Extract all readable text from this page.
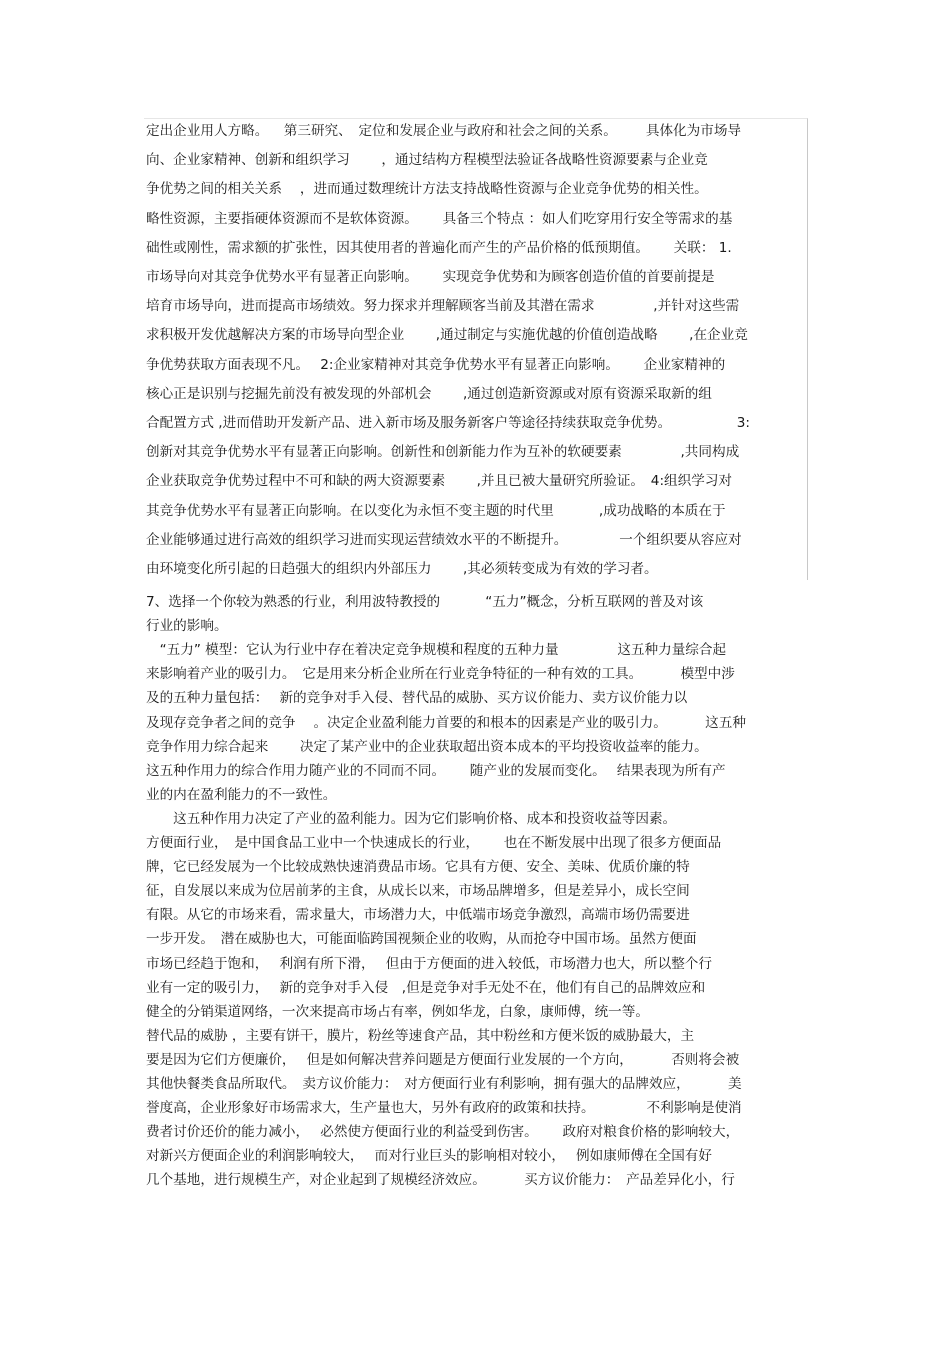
定出企业用人方略。　  第三研究、　定位和发展企业与政府和社会之间的关系。　　  具体化为市场导
向、企业家精神、创新和组织学习　　 ，通过结构方程模型法验证各战略性资源要素与企业竞
争优势之间的相关关系　 ，进而通过数理统计方法支持战略性资源与企业竞争优势的相关性。
略性资源，主要指硬体资源而不是软体资源。　　 具备三个特点 ：如人们吃穿用行安全等需求的基
础性或刚性，需求额的扩张性，因其使用者的普遍化而产生的产品价格的低预期值。　　 关联： 1.
市场导向对其竞争优势水平有显著正向影响。　　 实现竞争优势和为顾客创造价值的首要前提是
培育市场导向，进而提高市场绩效。努力探求并理解顾客当前及其潜在需求　　　　 ,并针对这些需
求积极开发优越解决方案的市场导向型企业　　 ,通过制定与实施优越的价值创造战略　　 ,在企业竞
争优势获取方面表现不凡。　 2:企业家精神对其竞争优势水平有显著正向影响。　　 企业家精神的
核心正是识别与挖掘先前没有被发现的外部机会　　 ,通过创造新资源或对原有资源采取新的组
合配置方式 ,进而借助开发新产品、进入新市场及服务新客户等途径持续获取竞争优势。　　　　　 3:
创新对其竞争优势水平有显著正向影响。创新性和创新能力作为互补的软硬要素　　　　 ,共同构成
企业获取竞争优势过程中不可和缺的两大资源要素　　 ,并且已被大量研究所验证。　4:组织学习对
其竞争优势水平有显著正向影响。在以变化为永恒不变主题的时代里　　　 ,成功战略的本质在于
企业能够通过进行高效的组织学习进而实现运营绩效水平的不断提升。　　　　 一个组织要从容应对
由环境变化所引起的日趋强大的组织内外部压力　　 ,其必须转变成为有效的学习者。
7、选择一个你较为熟悉的行业，利用波特教授的　　　 “五力”概念，分析互联网的普及对该
行业的影响。
　“五力” 模型：它认为行业中存在着决定竞争规模和程度的五种力量　　　　 这五种力量综合起
来影响着产业的吸引力。　它是用来分析企业所在行业竞争特征的一种有效的工具。　　　 模型中涉
及的五种力量包括：　 新的竞争对手入侵、替代品的威胁、买方议价能力、卖方议价能力以
及现存竞争者之间的竞争　 。决定企业盈利能力首要的和根本的因素是产业的吸引力。　　　 这五种
竞争作用力综合起来　　 决定了某产业中的企业获取超出资本成本的平均投资收益率的能力。
这五种作用力的综合作用力随产业的不同而不同。　　 随产业的发展而变化。　 结果表现为所有产
业的内在盈利能力的不一致性。
　　这五种作用力决定了产业的盈利能力。因为它们影响价格、成本和投资收益等因素。
方便面行业，　是中国食品工业中一个快速成长的行业，　　 也在不断发展中出现了很多方便面品
牌，它已经发展为一个比较成熟快速消费品市场。它具有方便、安全、美味、优质价廉的特
征，自发展以来成为位居前茅的主食，从成长以来，市场品牌增多，但是差异小，成长空间
有限。从它的市场来看，需求量大，市场潜力大，中低端市场竞争激烈，高端市场仍需要进
一步开发。　潜在威胁也大，可能面临跨国视频企业的收购，从而抢夺中国市场。虽然方便面
市场已经趋于饱和，　 利润有所下滑，　 但由于方便面的进入较低，市场潜力也大，所以整个行
业有一定的吸引力，　 新的竞争对手入侵　,但是竞争对手无处不在，他们有自己的品牌效应和
健全的分销渠道网络，一次来提高市场占有率，例如华龙，白象，康师傅，统一等。
替代品的威胁 ，主要有饼干，膜片，粉丝等速食产品，其中粉丝和方便米饭的威胁最大，主
要是因为它们方便廉价，　 但是如何解决营养问题是方便面行业发展的一个方向，　　　 否则将会被
其他快餐类食品所取代。　卖方议价能力：　对方便面行业有利影响，拥有强大的品牌效应，　　　 美
誉度高，企业形象好市场需求大，生产量也大，另外有政府的政策和扶持。　　　　 不利影响是使消
费者讨价还价的能力减小，　 必然使方便面行业的利益受到伤害。　　 政府对粮食价格的影响较大，
对新兴方便面企业的利润影响较大，　 而对行业巨头的影响相对较小，　 例如康师傅在全国有好
几个基地，进行规模生产，对企业起到了规模经济效应。　　　 买方议价能力：　产品差异化小，行
